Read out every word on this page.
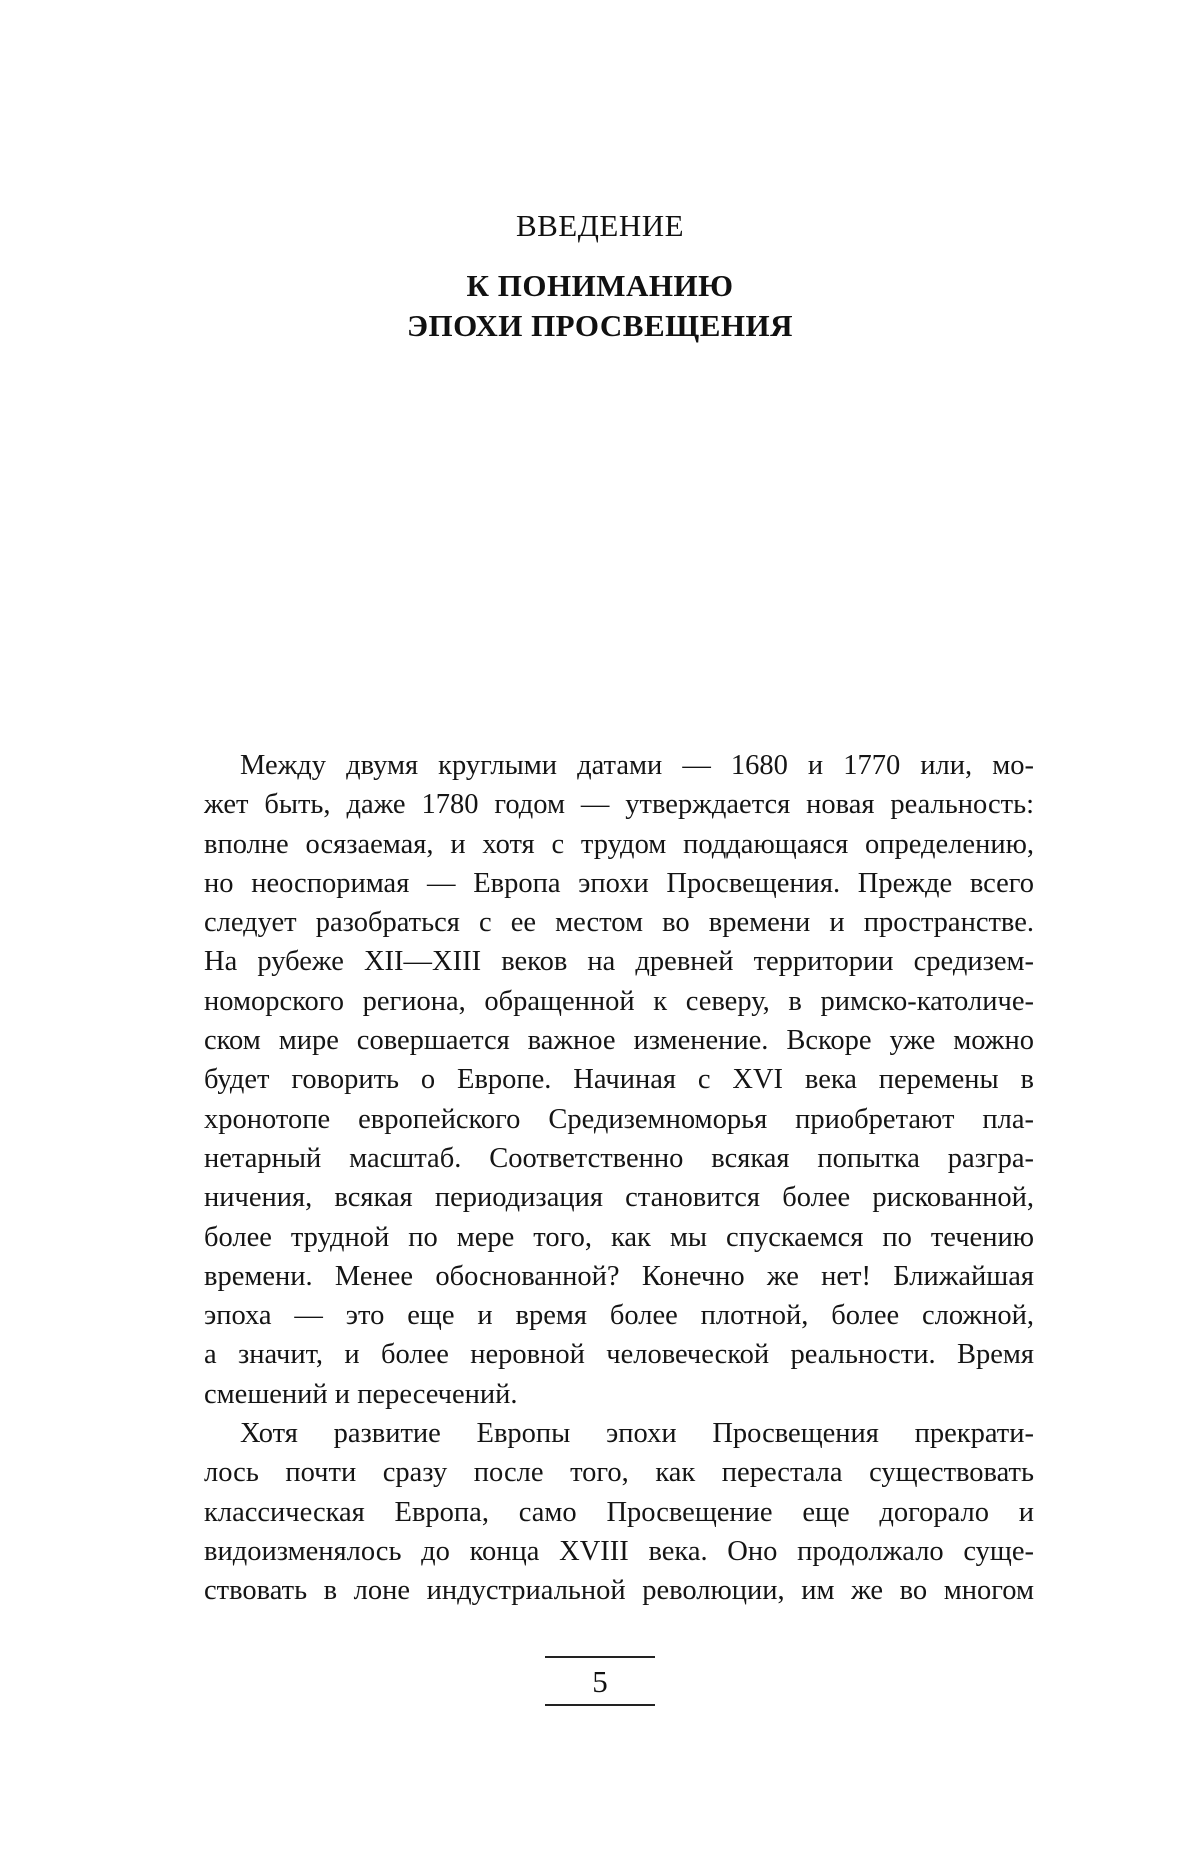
ВВЕДЕНИЕ
К ПОНИМАНИЮ
ЭПОХИ ПРОСВЕЩЕНИЯ
Между двумя круглыми датами — 1680 и 1770 или, мо-
жет быть, даже 1780 годом — утверждается новая реальность:
вполне осязаемая, и хотя с трудом поддающаяся определению,
но неоспоримая — Европа эпохи Просвещения. Прежде всего
следует разобраться с ее местом во времени и пространстве.
На рубеже XII—XIII веков на древней территории средизем-
номорского региона, обращенной к северу, в римско-католиче-
ском мире совершается важное изменение. Вскоре уже можно
будет говорить о Европе. Начиная с XVI века перемены в
хронотопе европейского Средиземноморья приобретают пла-
нетарный масштаб. Соответственно всякая попытка разгра-
ничения, всякая периодизация становится более рискованной,
более трудной по мере того, как мы спускаемся по течению
времени. Менее обоснованной? Конечно же нет! Ближайшая
эпоха — это еще и время более плотной, более сложной,
а значит, и более неровной человеческой реальности. Время
смешений и пересечений.
Хотя развитие Европы эпохи Просвещения прекрати-
лось почти сразу после того, как перестала существовать
классическая Европа, само Просвещение еще догорало и
видоизменялось до конца XVIII века. Оно продолжало суще-
ствовать в лоне индустриальной революции, им же во многом
5
